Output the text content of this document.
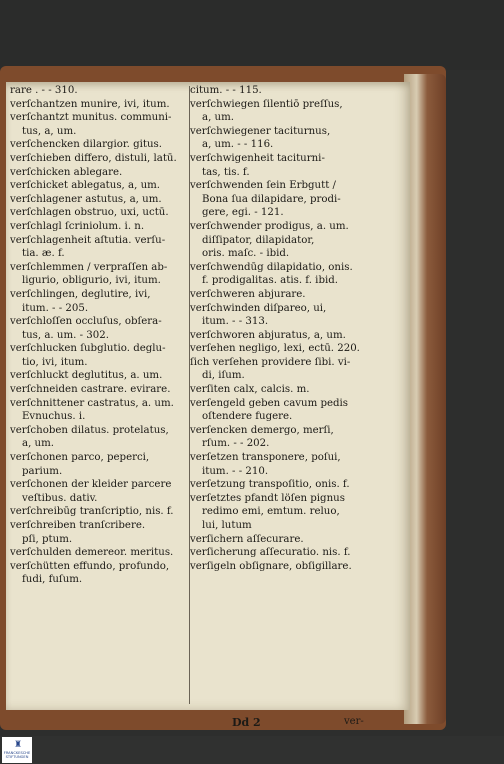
rare . - - 310.
verſchantzen munire, ivi, itum.
verſchantzt munitus. communi-
tus, a, um.
verſchencken dilargior. gitus.
verſchieben differo, distuli, latū.
verſchicken ablegare.
verſchicket ablegatus, a, um.
verſchlagener astutus, a, um.
verſchlagen obstruo, uxi, uctū.
verſchlagl ſcriniolum. i. n.
verſchlagenheit aſtutia. verſu-
tia. æ. f.
verſchlemmen / verpraſſen ab-
ligurio, obligurio, ivi, itum.
verſchlingen, deglutire, ivi,
itum. - - 205.
verſchloſſen occluſus, obſera-
tus, a. um. - 302.
verſchlucken ſubglutio. deglu-
tio, ivi, itum.
verſchluckt deglutitus, a. um.
verſchneiden castrare. evirare.
verſchnittener castratus, a. um.
Evnuchus. i.
verſchoben dilatus. protelatus,
a, um.
verſchonen parco, peperci,
parium.
verſchonen der kleider parcere
veſtibus. dativ.
verſchreibūg tranſcriptio, nis. f.
verſchreiben tranſcribere.
pſi, ptum.
verſchulden demereor. meritus.
verſchütten effundo, profundo,
fudi, fuſum.
citum. - - 115.
verſchwiegen ſilentiō preſſus,
a, um.
verſchwiegener taciturnus,
a, um. - - 116.
verſchwigenheit taciturni-
tas, tis. f.
verſchwenden ſein Erbgutt /
Bona ſua dilapidare, prodi-
gere, egi. - 121.
verſchwender prodigus, a. um.
diſſipator, dilapidator,
oris. maſc. - ibid.
verſchwendūg dilapidatio, onis.
f. prodigalitas. atis. f. ibid.
verſchweren abjurare.
verſchwinden diſpareo, ui,
itum. - - 313.
verſchworen abjuratus, a, um.
verſehen negligo, lexi, ectū. 220.
ſich verſehen providere ſibi. vi-
di, iſum.
verſiten calx, calcis. m.
verſengeld geben cavum pedis
oſtendere fugere.
verſencken demergo, merſi,
rſum. - - 202.
verſetzen transponere, poſui,
itum. - - 210.
verſetzung transpoſitio, onis. f.
verſetztes pfandt löſen pignus
redimo emi, emtum. reluo,
lui, lutum
verſichern aſſecurare.
verſicherung aſſecuratio. nis. f.
verſigeln obſignare, obſigillare.
Dd 2	ver-
♜
FRANCKESCHE STIFTUNGEN
